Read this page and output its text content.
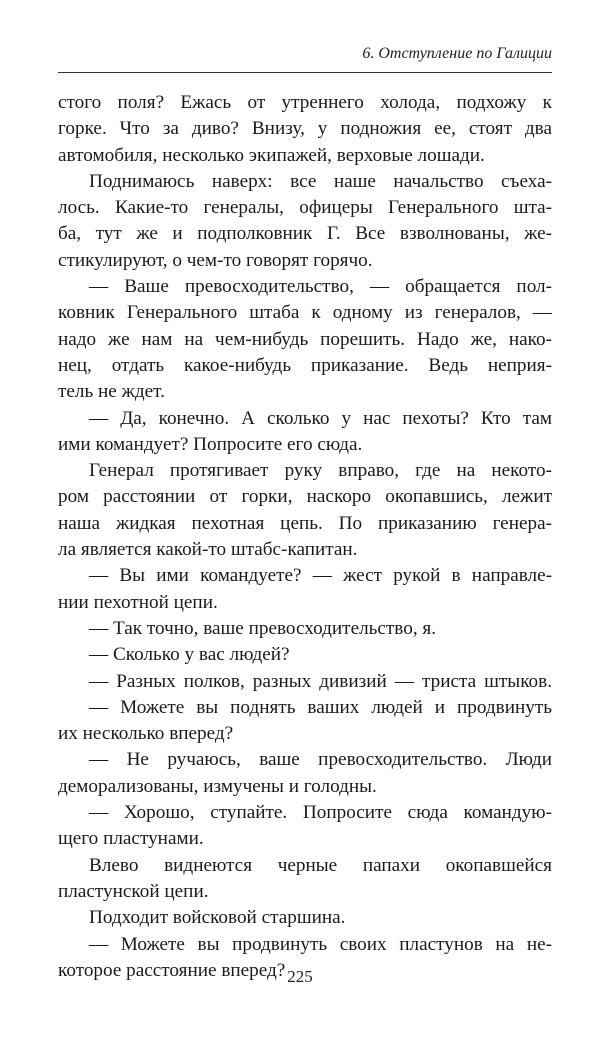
6. Отступление по Галиции
стого поля? Ежась от утреннего холода, подхожу к
горке. Что за диво? Внизу, у подножия ее, стоят два
автомобиля, несколько экипажей, верховые лошади.
Поднимаюсь наверх: все наше начальство съеха-
лось. Какие-то генералы, офицеры Генерального шта-
ба, тут же и подполковник Г. Все взволнованы, же-
стикулируют, о чем-то говорят горячо.
— Ваше превосходительство, — обращается пол-
ковник Генерального штаба к одному из генералов, —
надо же нам на чем-нибудь порешить. Надо же, нако-
нец, отдать какое-нибудь приказание. Ведь неприя-
тель не ждет.
— Да, конечно. А сколько у нас пехоты? Кто там
ими командует? Попросите его сюда.
Генерал протягивает руку вправо, где на некото-
ром расстоянии от горки, наскоро окопавшись, лежит
наша жидкая пехотная цепь. По приказанию генера-
ла является какой-то штабс-капитан.
— Вы ими командуете? — жест рукой в направле-
нии пехотной цепи.
— Так точно, ваше превосходительство, я.
— Сколько у вас людей?
— Разных полков, разных дивизий — триста штыков.
— Можете вы поднять ваших людей и продвинуть
их несколько вперед?
— Не ручаюсь, ваше превосходительство. Люди
деморализованы, измучены и голодны.
— Хорошо, ступайте. Попросите сюда командую-
щего пластунами.
Влево виднеются черные папахи окопавшейся
пластунской цепи.
Подходит войсковой старшина.
— Можете вы продвинуть своих пластунов на не-
которое расстояние вперед? 225
